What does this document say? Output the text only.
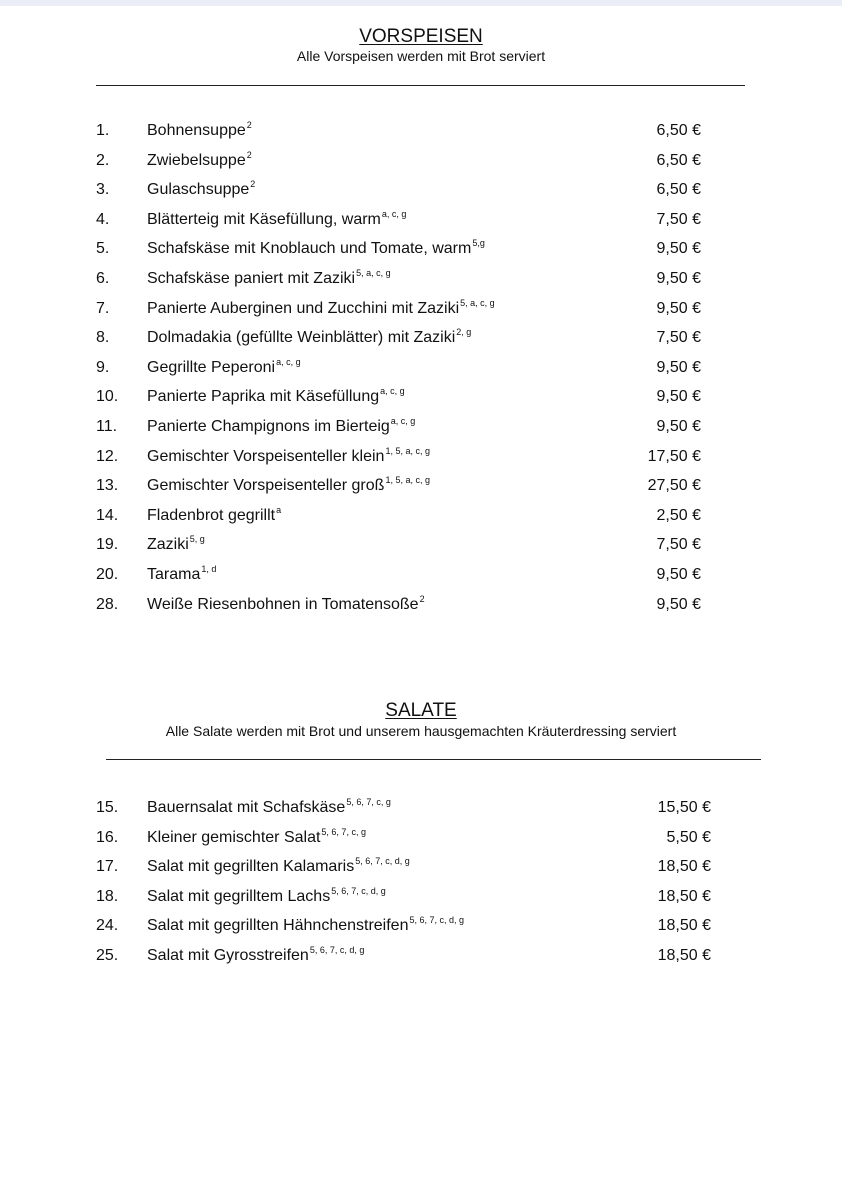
VORSPEISEN
Alle Vorspeisen werden mit Brot serviert
1. Bohnensuppe$^2$	6,50 €
2. Zwiebelsuppe$^2$	6,50 €
3. Gulaschsuppe$^2$	6,50 €
4. Blätterteig mit Käsefüllung, warm$^{a, c, g}$	7,50 €
5. Schafskäse mit Knoblauch und Tomate, warm$^{5,g}$	9,50 €
6. Schafskäse paniert mit Zaziki$^{5, a, c, g}$	9,50 €
7. Panierte Auberginen und Zucchini mit Zaziki$^{5, a, c, g}$	9,50 €
8. Dolmadakia (gefüllte Weinblätter) mit Zaziki$^{2, g}$	7,50 €
9. Gegrillte Peperoni$^{a, c, g}$	9,50 €
10. Panierte Paprika mit Käsefüllung$^{a, c, g}$	9,50 €
11. Panierte Champignons im Bierteig$^{a, c, g}$	9,50 €
12. Gemischter Vorspeisenteller klein$^{1, 5, a, c, g}$	17,50 €
13. Gemischter Vorspeisenteller groß$^{1, 5, a, c, g}$	27,50 €
14. Fladenbrot gegrillt$^a$	2,50 €
19. Zaziki$^{5, g}$	7,50 €
20. Tarama$^{1, d}$	9,50 €
28. Weiße Riesenbohnen in Tomatensoße$^2$	9,50 €
SALATE
Alle Salate werden mit Brot und unserem hausgemachten Kräuterdressing serviert
15. Bauernsalat mit Schafskäse$^{5, 6, 7, c, g}$	15,50 €
16. Kleiner gemischter Salat$^{5, 6, 7, c, g}$	5,50 €
17. Salat mit gegrillten Kalamaris$^{5, 6, 7, c, d, g}$	18,50 €
18. Salat mit gegrilltem Lachs$^{5, 6, 7, c, d, g}$	18,50 €
24. Salat mit gegrillten Hähnchenstreifen$^{5, 6, 7, c, d, g}$	18,50 €
25. Salat mit Gyrosstreifen$^{5, 6, 7, c, d, g}$	18,50 €
